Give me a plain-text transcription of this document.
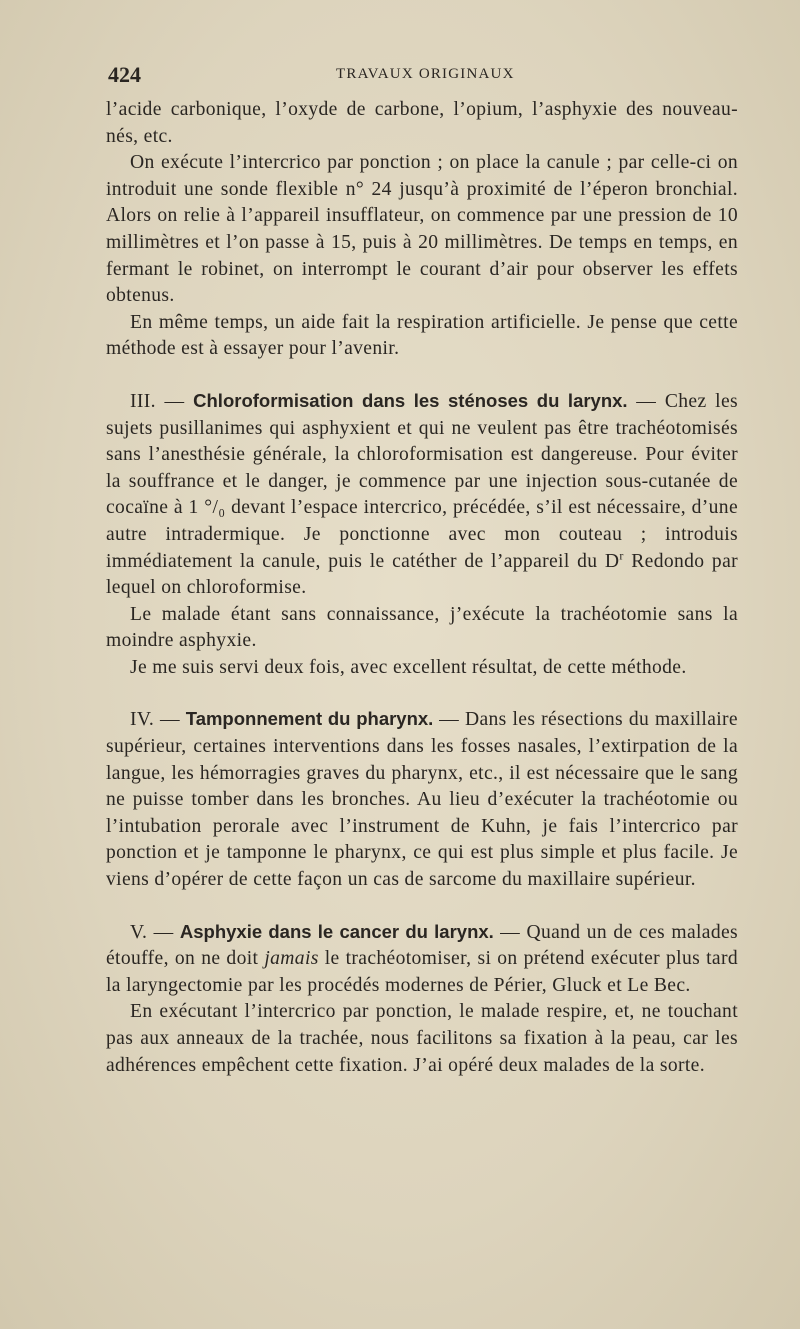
424	TRAVAUX ORIGINAUX

l’acide carbonique, l’oxyde de carbone, l’opium, l’asphyxie des nouveau-nés, etc.

On exécute l’intercrico par ponction ; on place la canule ; par celle-ci on introduit une sonde flexible n° 24 jusqu’à proximité de l’éperon bronchial. Alors on relie à l’appareil insufflateur, on commence par une pression de 10 millimètres et l’on passe à 15, puis à 20 millimètres. De temps en temps, en fermant le robinet, on interrompt le courant d’air pour observer les effets obtenus.

En même temps, un aide fait la respiration artificielle. Je pense que cette méthode est à essayer pour l’avenir.

III. — Chloroformisation dans les sténoses du larynx. — Chez les sujets pusillanimes qui asphyxient et qui ne veulent pas être trachéotomisés sans l’anesthésie générale, la chloroformisation est dangereuse. Pour éviter la souffrance et le danger, je commence par une injection sous-cutanée de cocaïne à 1 °/₀ devant l’espace intercrico, précédée, s’il est nécessaire, d’une autre intradermique. Je ponctionne avec mon couteau ; introduis immédiatement la canule, puis le catéther de l’appareil du $D^r$ Redondo par lequel on chloroformise.

Le malade étant sans connaissance, j’exécute la trachéotomie sans la moindre asphyxie.

Je me suis servi deux fois, avec excellent résultat, de cette méthode.

IV. — Tamponnement du pharynx. — Dans les résections du maxillaire supérieur, certaines interventions dans les fosses nasales, l’extirpation de la langue, les hémorragies graves du pharynx, etc., il est nécessaire que le sang ne puisse tomber dans les bronches. Au lieu d’exécuter la trachéotomie ou l’intubation perorale avec l’instrument de Kuhn, je fais l’intercrico par ponction et je tamponne le pharynx, ce qui est plus simple et plus facile. Je viens d’opérer de cette façon un cas de sarcome du maxillaire supérieur.

V. — Asphyxie dans le cancer du larynx. — Quand un de ces malades étouffe, on ne doit jamais le trachéotomiser, si on prétend exécuter plus tard la laryngectomie par les procédés modernes de Périer, Gluck et Le Bec.

En exécutant l’intercrico par ponction, le malade respire, et, ne touchant pas aux anneaux de la trachée, nous facilitons sa fixation à la peau, car les adhérences empêchent cette fixation. J’ai opéré deux malades de la sorte.
